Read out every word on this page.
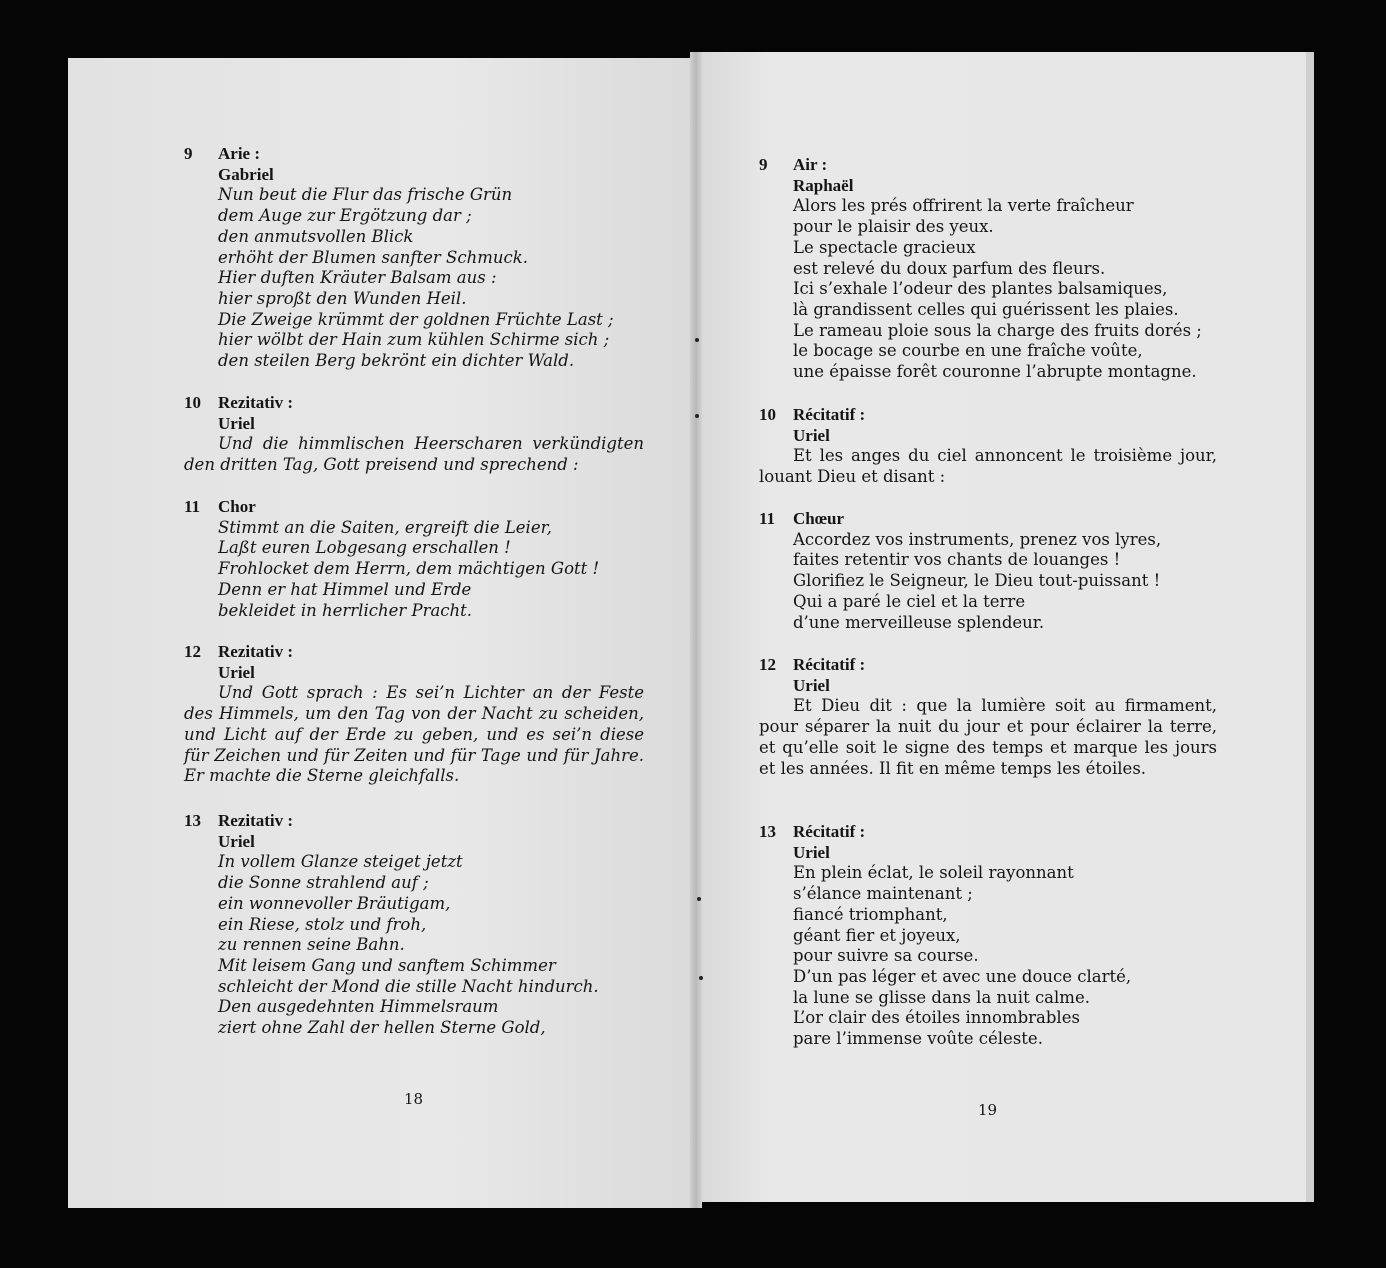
9	Arie :
Gabriel
Nun beut die Flur das frische Grün
dem Auge zur Ergötzung dar ;
den anmutsvollen Blick
erhöht der Blumen sanfter Schmuck.
Hier duften Kräuter Balsam aus :
hier sproßt den Wunden Heil.
Die Zweige krümmt der goldnen Früchte Last ;
hier wölbt der Hain zum kühlen Schirme sich ;
den steilen Berg bekrönt ein dichter Wald.
10	Rezitativ :
Uriel
Und die himmlischen Heerscharen verkündigten den dritten Tag, Gott preisend und sprechend :
11	Chor
Stimmt an die Saiten, ergreift die Leier,
Laßt euren Lobgesang erschallen !
Frohlocket dem Herrn, dem mächtigen Gott !
Denn er hat Himmel und Erde
bekleidet in herrlicher Pracht.
12	Rezitativ :
Uriel
Und Gott sprach : Es sei’n Lichter an der Feste des Himmels, um den Tag von der Nacht zu scheiden, und Licht auf der Erde zu geben, und es sei’n diese für Zeichen und für Zeiten und für Tage und für Jahre. Er machte die Sterne gleichfalls.
13	Rezitativ :
Uriel
In vollem Glanze steiget jetzt
die Sonne strahlend auf ;
ein wonnevoller Bräutigam,
ein Riese, stolz und froh,
zu rennen seine Bahn.
Mit leisem Gang und sanftem Schimmer
schleicht der Mond die stille Nacht hindurch.
Den ausgedehnten Himmelsraum
ziert ohne Zahl der hellen Sterne Gold,
18
9	Air :
Raphaël
Alors les prés offrirent la verte fraîcheur
pour le plaisir des yeux.
Le spectacle gracieux
est relevé du doux parfum des fleurs.
Ici s’exhale l’odeur des plantes balsamiques,
là grandissent celles qui guérissent les plaies.
Le rameau ploie sous la charge des fruits dorés ;
le bocage se courbe en une fraîche voûte,
une épaisse forêt couronne l’abrupte montagne.
10	Récitatif :
Uriel
Et les anges du ciel annoncent le troisième jour, louant Dieu et disant :
11	Chœur
Accordez vos instruments, prenez vos lyres,
faites retentir vos chants de louanges !
Glorifiez le Seigneur, le Dieu tout-puissant !
Qui a paré le ciel et la terre
d’une merveilleuse splendeur.
12	Récitatif :
Uriel
Et Dieu dit : que la lumière soit au firmament, pour séparer la nuit du jour et pour éclairer la terre, et qu’elle soit le signe des temps et marque les jours et les années. Il fit en même temps les étoiles.
13	Récitatif :
Uriel
En plein éclat, le soleil rayonnant
s’élance maintenant ;
fiancé triomphant,
géant fier et joyeux,
pour suivre sa course.
D’un pas léger et avec une douce clarté,
la lune se glisse dans la nuit calme.
L’or clair des étoiles innombrables
pare l’immense voûte céleste.
19
